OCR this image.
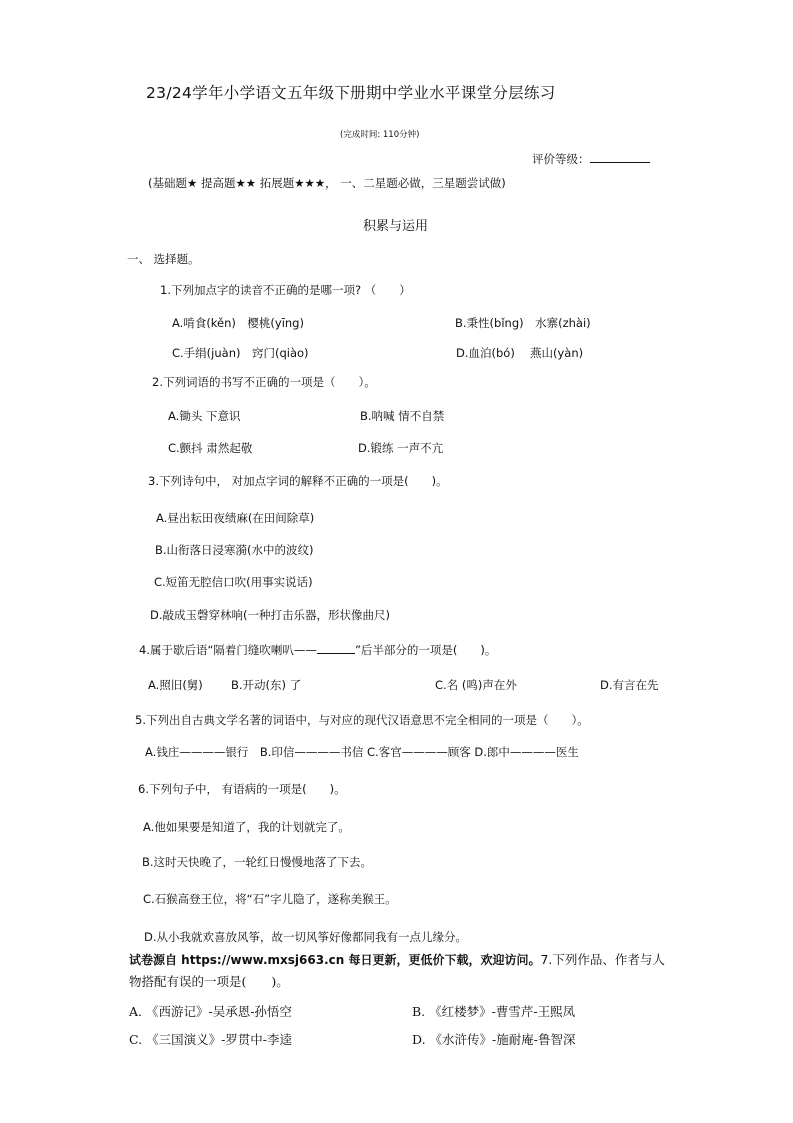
23/24学年小学语文五年级下册期中学业水平课堂分层练习
(完成时间: 110分钟)
评价等级：
(基础题★ 提高题★★ 拓展题★★★， 一、二星题必做，三星题尝试做)
积累与运用
一、 选择题。
1.下列加点字的读音不正确的是哪一项? （　　）
A.啃食(kěn)　樱桃(yīng)	B.秉性(bǐng)　水寨(zhài)
C.手绢(juàn)　窍门(qiào)	D.血泊(bó)　 燕山(yàn)
2.下列词语的书写不正确的一项是（　　）。
A.锄头 下意识	B.呐喊 情不自禁
C.颤抖 肃然起敬	D.锻练 一声不亢
3.下列诗句中， 对加点字词的解释不正确的一项是(　　)。
A.昼出耘田夜绩麻(在田间除草)
B.山衔落日浸寒漪(水中的波纹)
C.短笛无腔信口吹(用事实说话)
D.敲成玉磬穿林响(一种打击乐器，形状像曲尺)
4.属于歇后语“隔着门缝吹喇叭——	”后半部分的一项是(　　)。
A.照旧(舅) B.开动(东) 了	C.名 (鸣)声在外	D.有言在先
5.下列出自古典文学名著的词语中，与对应的现代汉语意思不完全相同的一项是（　　）。
A.钱庄————银行　B.印信————书信 C.客官————顾客 D.郎中————医生
6.下列句子中， 有语病的一项是(　　)。
A.他如果要是知道了，我的计划就完了。
B.这时天快晚了，一轮红日慢慢地落了下去。
C.石猴高登王位，将“石”字儿隐了，遂称美猴王。
D.从小我就欢喜放风筝，故一切风筝好像都同我有一点儿缘分。
试卷源自 https://www.mxsj663.cn 每日更新，更低价下载，欢迎访问。7.下列作品、作者与人
物搭配有误的一项是(　　)。
A. 《西游记》-吴承恩-孙悟空	B. 《红楼梦》-曹雪芹-王熙凤
C. 《三国演义》-罗贯中-李逵	D. 《水浒传》-施耐庵-鲁智深
